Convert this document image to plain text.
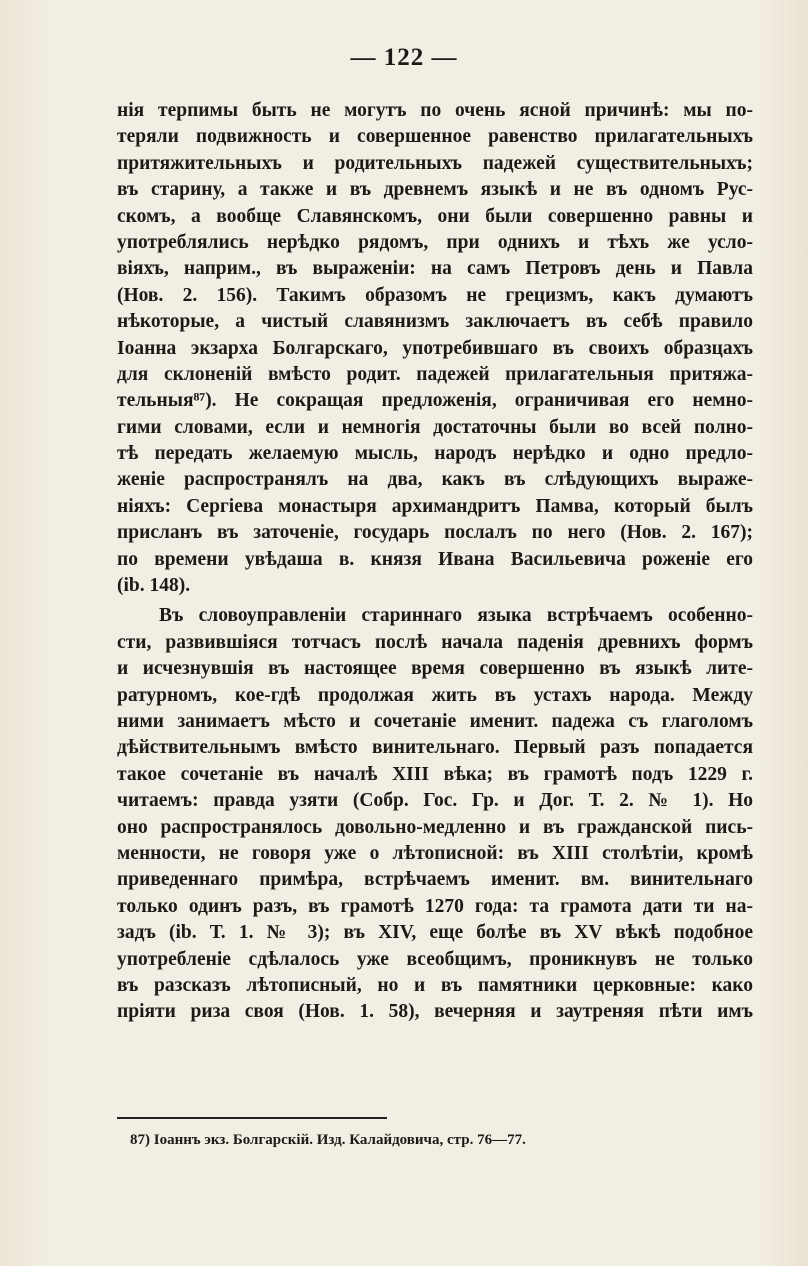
— 122 —
нія терпимы быть не могутъ по очень ясной причинѣ: мы по-
теряли подвижность и совершенное равенство прилагательныхъ
притяжительныхъ и родительныхъ падежей существительныхъ;
въ старину, а также и въ древнемъ языкѣ и не въ одномъ Рус-
скомъ, а вообще Славянскомъ, они были совершенно равны и
употреблялись нерѣдко рядомъ, при однихъ и тѣхъ же усло-
віяхъ, наприм., въ выраженіи: на самъ Петровъ день и Павла
(Нов. 2. 156). Такимъ образомъ не грецизмъ, какъ думаютъ
нѣкоторые, а чистый славянизмъ заключаетъ въ себѣ правило
Іоанна экзарха Болгарскаго, употребившаго въ своихъ образцахъ
для склоненій вмѣсто родит. падежей прилагательныя притяжа-
тельныя⁸⁷). Не сокращая предложенія, ограничивая его немно-
гими словами, если и немногія достаточны были во всей полно-
тѣ передать желаемую мысль, народъ нерѣдко и одно предло-
женіе распространялъ на два, какъ въ слѣдующихъ выраже-
ніяхъ: Сергіева монастыря архимандритъ Памва, который былъ
присланъ въ заточеніе, государь послалъ по него (Нов. 2. 167);
по времени увѣдаша в. князя Ивана Васильевича роженіе его
(іb. 148).
Въ словоуправленіи стариннаго языка встрѣчаемъ особенно-
сти, развившіяся тотчасъ послѣ начала паденія древнихъ формъ
и исчезнувшія въ настоящее время совершенно въ языкѣ лите-
ратурномъ, кое-гдѣ продолжая жить въ устахъ народа. Между
ними занимаетъ мѣсто и сочетаніе именит. падежа съ глаголомъ
дѣйствительнымъ вмѣсто винительнаго. Первый разъ попадается
такое сочетаніе въ началѣ XIII вѣка; въ грамотѣ подъ 1229 г.
читаемъ: правда узяти (Собр. Гос. Гр. и Дог. Т. 2. № 1). Но
оно распространялось довольно-медленно и въ гражданской пись-
менности, не говоря уже о лѣтописной: въ XIII столѣтіи, кромѣ
приведеннаго примѣра, встрѣчаемъ именит. вм. винительнаго
только одинъ разъ, въ грамотѣ 1270 года: та грамота дати ти на-
задъ (іb. Т. 1. № 3); въ XIV, еще болѣе въ XV вѣкѣ подобное
употребленіе сдѣлалось уже всеобщимъ, проникнувъ не только
въ разсказъ лѣтописный, но и въ памятники церковные: како
пріяти риза своя (Нов. 1. 58), вечерняя и заутреняя пѣти имъ
87) Іоаннъ экз. Болгарскій. Изд. Калайдовича, стр. 76—77.
